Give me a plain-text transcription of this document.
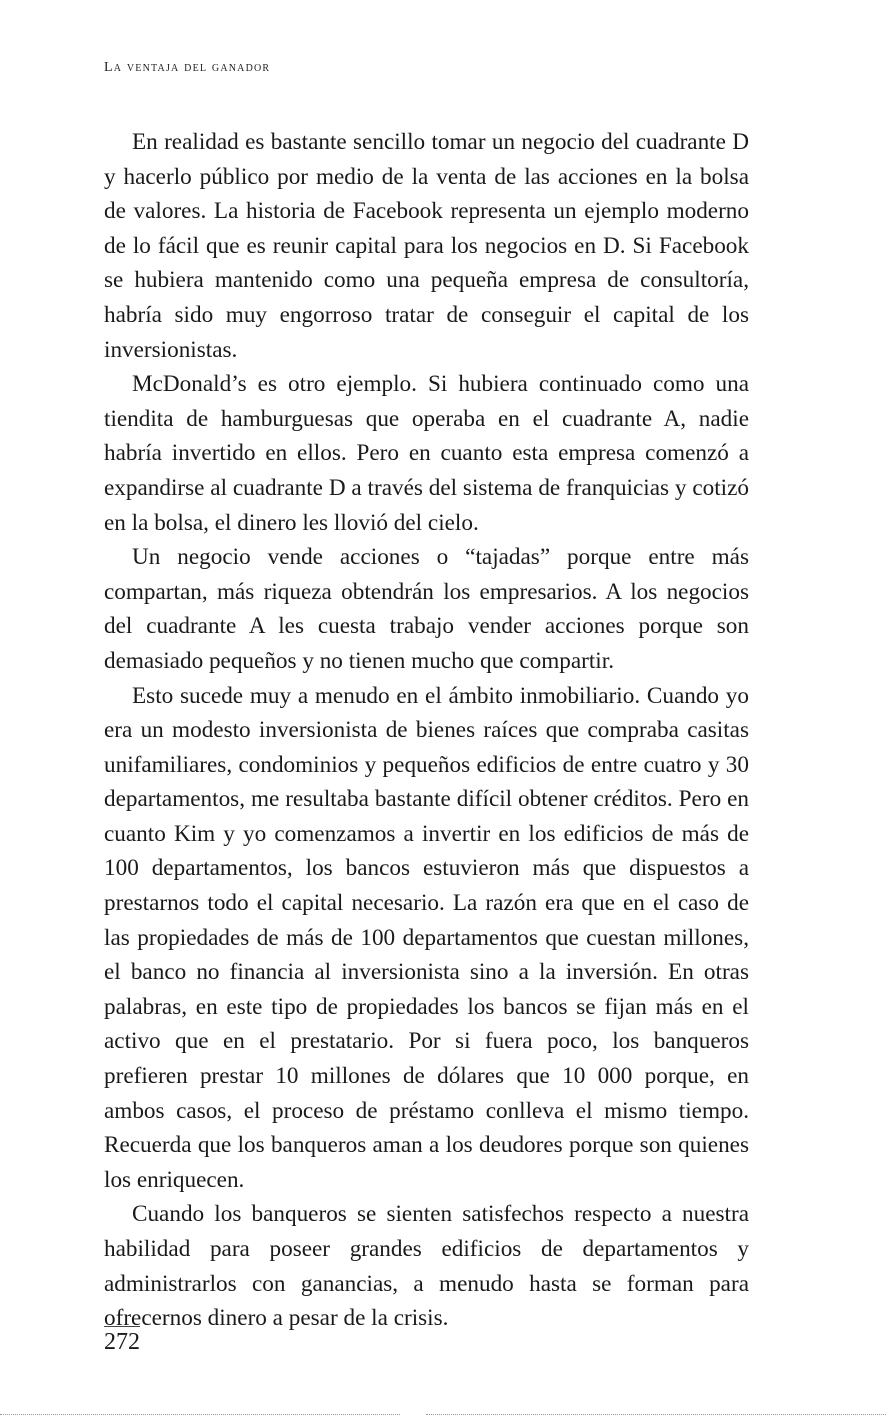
La ventaja del ganador

En realidad es bastante sencillo tomar un negocio del cuadrante D y hacerlo público por medio de la venta de las acciones en la bolsa de valores. La historia de Facebook representa un ejemplo moderno de lo fácil que es reunir capital para los negocios en D. Si Facebook se hubiera mantenido como una pequeña empresa de consultoría, habría sido muy engorroso tratar de conseguir el capital de los inversionistas.

McDonald’s es otro ejemplo. Si hubiera continuado como una tiendita de hamburguesas que operaba en el cuadrante A, nadie habría invertido en ellos. Pero en cuanto esta empresa comenzó a expandirse al cuadrante D a través del sistema de franquicias y cotizó en la bolsa, el dinero les llovió del cielo.

Un negocio vende acciones o “tajadas” porque entre más compartan, más riqueza obtendrán los empresarios. A los negocios del cuadrante A les cuesta trabajo vender acciones porque son demasiado pequeños y no tienen mucho que compartir.

Esto sucede muy a menudo en el ámbito inmobiliario. Cuando yo era un modesto inversionista de bienes raíces que compraba casitas unifamiliares, condominios y pequeños edificios de entre cuatro y 30 departamentos, me resultaba bastante difícil obtener créditos. Pero en cuanto Kim y yo comenzamos a invertir en los edificios de más de 100 departamentos, los bancos estuvieron más que dispuestos a prestarnos todo el capital necesario. La razón era que en el caso de las propiedades de más de 100 departamentos que cuestan millones, el banco no financia al inversionista sino a la inversión. En otras palabras, en este tipo de propiedades los bancos se fijan más en el activo que en el prestatario. Por si fuera poco, los banqueros prefieren prestar 10 millones de dólares que 10 000 porque, en ambos casos, el proceso de préstamo conlleva el mismo tiempo. Recuerda que los banqueros aman a los deudores porque son quienes los enriquecen.

Cuando los banqueros se sienten satisfechos respecto a nuestra habilidad para poseer grandes edificios de departamentos y administrarlos con ganancias, a menudo hasta se forman para ofrecernos dinero a pesar de la crisis.

272
